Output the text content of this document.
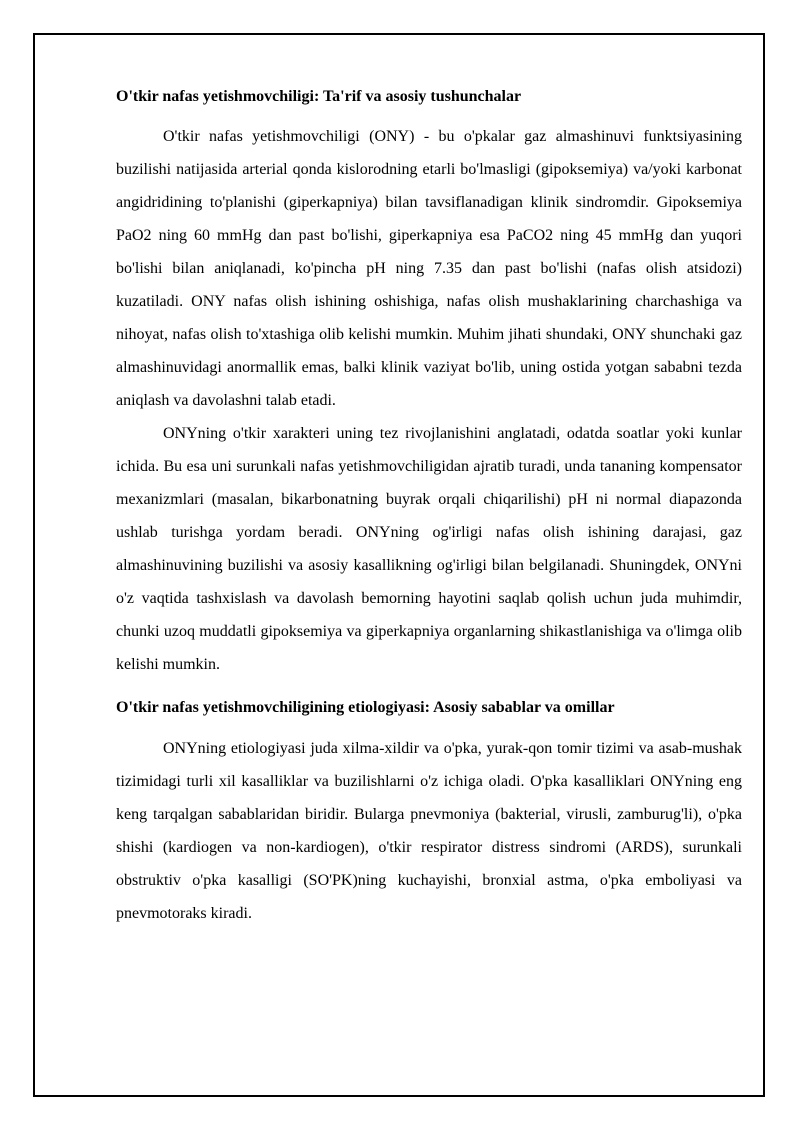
O'tkir nafas yetishmovchiligi: Ta'rif va asosiy tushunchalar

O'tkir nafas yetishmovchiligi (ONY) - bu o'pkalar gaz almashinuvi funktsiyasining buzilishi natijasida arterial qonda kislorodning etarli bo'lmasligi (gipoksemiya) va/yoki karbonat angidridining to'planishi (giperkapniya) bilan tavsiflanadigan klinik sindromdir. Gipoksemiya PaO2 ning 60 mmHg dan past bo'lishi, giperkapniya esa PaCO2 ning 45 mmHg dan yuqori bo'lishi bilan aniqlanadi, ko'pincha pH ning 7.35 dan past bo'lishi (nafas olish atsidozi) kuzatiladi. ONY nafas olish ishining oshishiga, nafas olish mushaklarining charchashiga va nihoyat, nafas olish to'xtashiga olib kelishi mumkin. Muhim jihati shundaki, ONY shunchaki gaz almashinuvidagi anormallik emas, balki klinik vaziyat bo'lib, uning ostida yotgan sababni tezda aniqlash va davolashni talab etadi.

ONYning o'tkir xarakteri uning tez rivojlanishini anglatadi, odatda soatlar yoki kunlar ichida. Bu esa uni surunkali nafas yetishmovchiligidan ajratib turadi, unda tananing kompensator mexanizmlari (masalan, bikarbonatning buyrak orqali chiqarilishi) pH ni normal diapazonda ushlab turishga yordam beradi. ONYning og'irligi nafas olish ishining darajasi, gaz almashinuvining buzilishi va asosiy kasallikning og'irligi bilan belgilanadi. Shuningdek, ONYni o'z vaqtida tashxislash va davolash bemorning hayotini saqlab qolish uchun juda muhimdir, chunki uzoq muddatli gipoksemiya va giperkapniya organlarning shikastlanishiga va o'limga olib kelishi mumkin.

O'tkir nafas yetishmovchiligining etiologiyasi: Asosiy sabablar va omillar

ONYning etiologiyasi juda xilma-xildir va o'pka, yurak-qon tomir tizimi va asab-mushak tizimidagi turli xil kasalliklar va buzilishlarni o'z ichiga oladi. O'pka kasalliklari ONYning eng keng tarqalgan sabablaridan biridir. Bularga pnevmoniya (bakterial, virusli, zamburug'li), o'pka shishi (kardiogen va non-kardiogen), o'tkir respirator distress sindromi (ARDS), surunkali obstruktiv o'pka kasalligi (SO'PK)ning kuchayishi, bronxial astma, o'pka emboliyasi va pnevmotoraks kiradi.
